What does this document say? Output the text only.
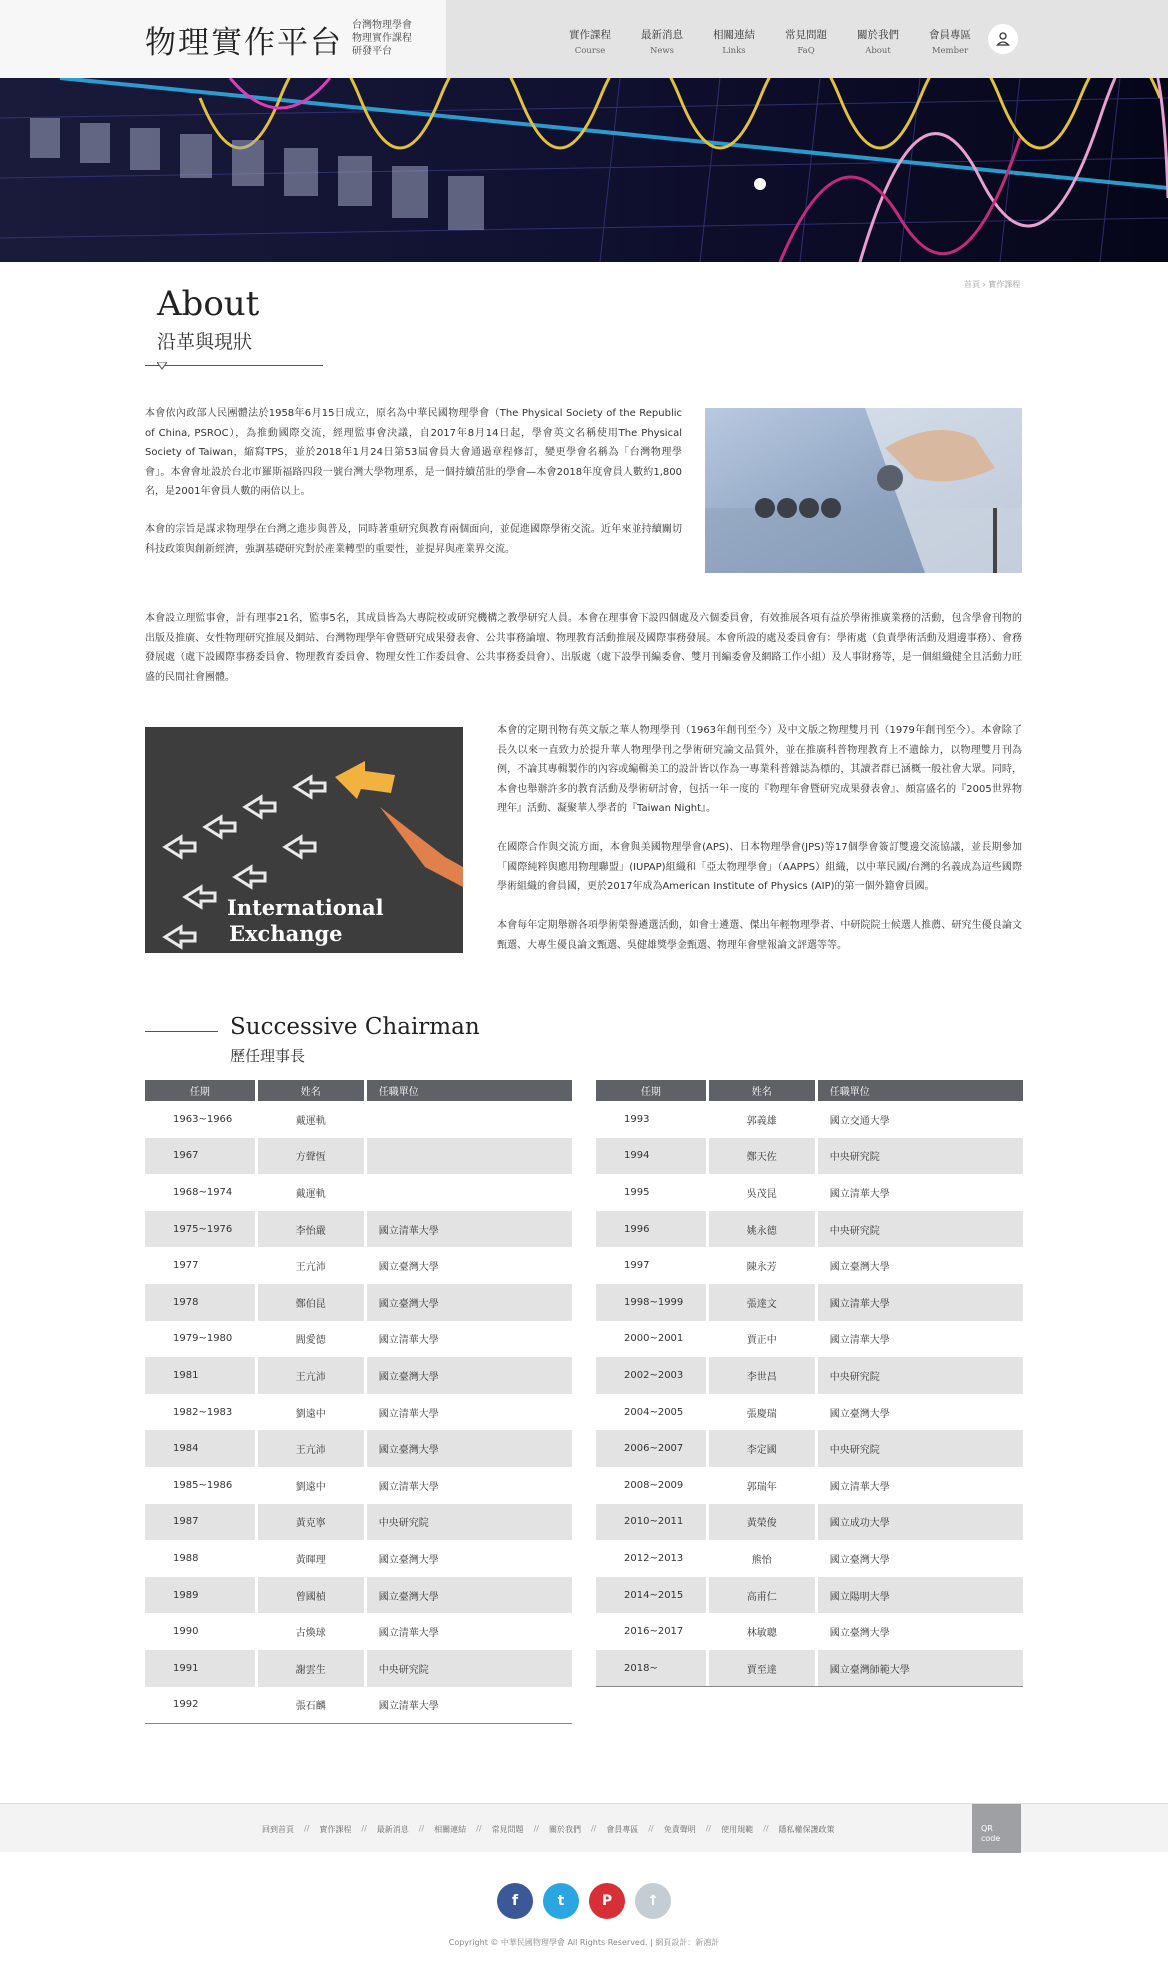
物理實作平台 台灣物理學會
物理實作課程
研發平台
實作課程
Course
最新消息
News
相關連結
Links
常見問題
FaQ
關於我們
About
會員專區
Member
首頁 › 實作課程
About
沿革與現狀
本會依內政部人民團體法於1958年6月15日成立，原名為中華民國物理學會（The Physical Society of the Republic of China, PSROC），為推動國際交流，經理監事會決議，自2017年8月14日起，學會英文名稱使用The Physical Society of Taiwan，縮寫TPS，並於2018年1月24日第53屆會員大會通過章程修訂，變更學會名稱為「台灣物理學會」。本會會址設於台北市羅斯福路四段一號台灣大學物理系，是一個持續茁壯的學會—本會2018年度會員人數約1,800名，是2001年會員人數的兩倍以上。
本會的宗旨是謀求物理學在台灣之進步與普及，同時著重研究與教育兩個面向，並促進國際學術交流。近年來並持續關切科技政策與創新經濟，強調基礎研究對於產業轉型的重要性，並提昇與產業界交流。
本會設立理監事會，計有理事21名，監事5名，其成員皆為大專院校或研究機構之教學研究人員。本會在理事會下設四個處及六個委員會，有效推展各項有益於學術推廣業務的活動，包含學會刊物的出版及推廣、女性物理研究推展及網站、台灣物理學年會暨研究成果發表會、公共事務論壇、物理教育活動推展及國際事務發展。本會所設的處及委員會有：學術處（負責學術活動及週邊事務）、會務發展處（處下設國際事務委員會、物理教育委員會、物理女性工作委員會、公共事務委員會）、出版處（處下設學刊編委會、雙月刊編委會及網路工作小組）及人事財務等，是一個組織健全且活動力旺盛的民間社會團體。
International
Exchange
本會的定期刊物有英文版之華人物理學刊（1963年創刊至今）及中文版之物理雙月刊（1979年創刊至今）。本會除了長久以來一直致力於提升華人物理學刊之學術研究論文品質外，並在推廣科普物理教育上不遺餘力，以物理雙月刊為例，不論其專輯製作的內容或編輯美工的設計皆以作為一專業科普雜誌為標的，其讀者群已涵概一般社會大眾。同時，本會也舉辦許多的教育活動及學術研討會，包括一年一度的『物理年會暨研究成果發表會』、頗富盛名的『2005世界物理年』活動、凝聚華人學者的『Taiwan Night』。
在國際合作與交流方面，本會與美國物理學會(APS)、日本物理學會(JPS)等17個學會簽訂雙邊交流協議，並長期參加「國際純粹與應用物理聯盟」(IUPAP)組織和「亞太物理學會」（AAPPS）組織，以中華民國/台灣的名義成為這些國際學術組織的會員國，更於2017年成為American Institute of Physics (AIP)的第一個外籍會員國。
本會每年定期舉辦各項學術榮譽遴選活動，如會士遴選、傑出年輕物理學者、中研院院士候選人推薦、研究生優良論文甄選、大專生優良論文甄選、吳健雄獎學金甄選、物理年會壁報論文評選等等。
Successive Chairman
歷任理事長
任期	姓名	任職單位
1963~1966	戴運軌	
1967	方聲恆	
1968~1974	戴運軌	
1975~1976	李怡嚴	國立清華大學
1977	王亢沛	國立臺灣大學
1978	鄭伯昆	國立臺灣大學
1979~1980	閻愛德	國立清華大學
1981	王亢沛	國立臺灣大學
1982~1983	劉遠中	國立清華大學
1984	王亢沛	國立臺灣大學
1985~1986	劉遠中	國立清華大學
1987	黃克寧	中央研究院
1988	黃暉理	國立臺灣大學
1989	曾國楨	國立臺灣大學
1990	古煥球	國立清華大學
1991	謝雲生	中央研究院
1992	張石麟	國立清華大學
任期	姓名	任職單位
1993	郭義雄	國立交通大學
1994	鄭天佐	中央研究院
1995	吳茂昆	國立清華大學
1996	姚永德	中央研究院
1997	陳永芳	國立臺灣大學
1998~1999	張達文	國立清華大學
2000~2001	賈正中	國立清華大學
2002~2003	李世昌	中央研究院
2004~2005	張慶瑞	國立臺灣大學
2006~2007	李定國	中央研究院
2008~2009	郭瑞年	國立清華大學
2010~2011	黃榮俊	國立成功大學
2012~2013	熊怡	國立臺灣大學
2014~2015	高甫仁	國立陽明大學
2016~2017	林敏聰	國立臺灣大學
2018~	賈至達	國立臺灣師範大學
回到首頁 // 實作課程 // 最新消息 // 相關連結 // 常見問題 // 關於我們 // 會員專區 // 免責聲明 // 使用規範 // 隱私權保護政策	QR
code
f	t	P	↑
Copyright © 中華民國物理學會 All Rights Reserved. | 網頁設計：新鴻計
